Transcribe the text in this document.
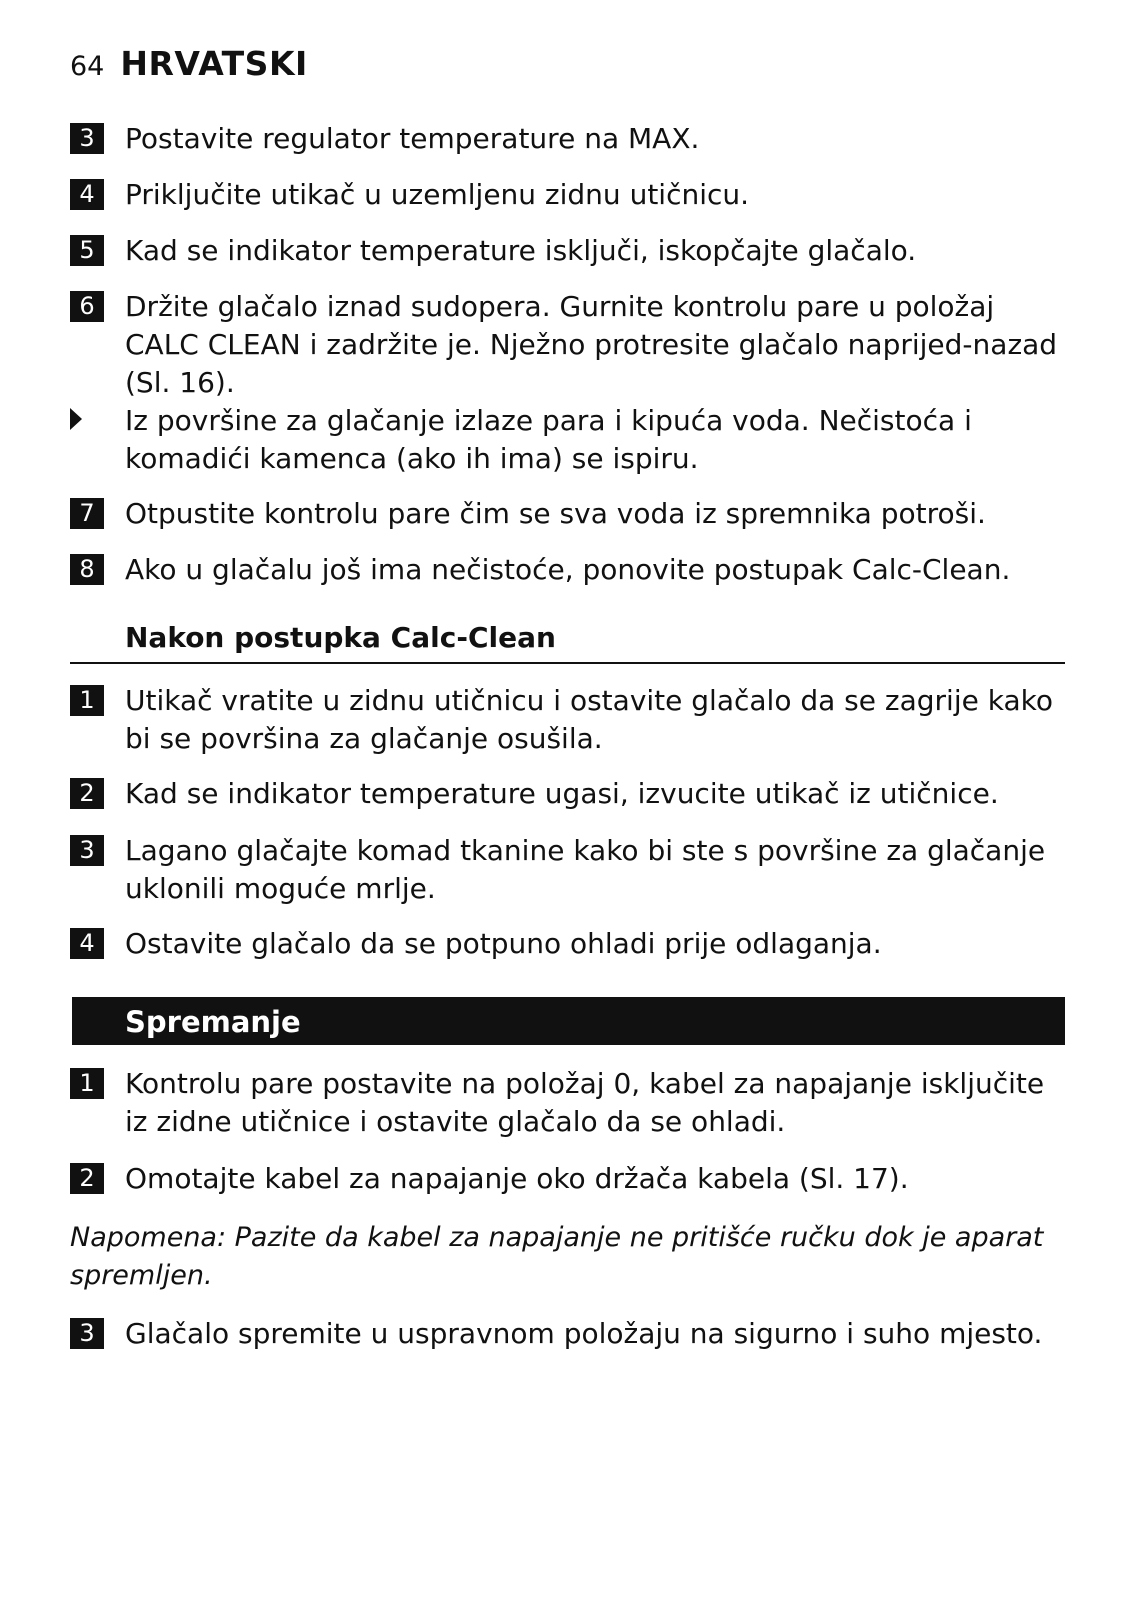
64 HRVATSKI
3	Postavite regulator temperature na MAX.
4	Priključite utikač u uzemljenu zidnu utičnicu.
5	Kad se indikator temperature isključi, iskopčajte glačalo.
6	Držite glačalo iznad sudopera. Gurnite kontrolu pare u položaj CALC CLEAN i zadržite je. Nježno protresite glačalo naprijed-nazad (Sl. 16).
Iz površine za glačanje izlaze para i kipuća voda. Nečistoća i komadići kamenca (ako ih ima) se ispiru.
7	Otpustite kontrolu pare čim se sva voda iz spremnika potroši.
8	Ako u glačalu još ima nečistoće, ponovite postupak Calc-Clean.
Nakon postupka Calc-Clean
1	Utikač vratite u zidnu utičnicu i ostavite glačalo da se zagrije kako bi se površina za glačanje osušila.
2	Kad se indikator temperature ugasi, izvucite utikač iz utičnice.
3	Lagano glačajte komad tkanine kako bi ste s površine za glačanje uklonili moguće mrlje.
4	Ostavite glačalo da se potpuno ohladi prije odlaganja.
Spremanje
1	Kontrolu pare postavite na položaj 0, kabel za napajanje isključite iz zidne utičnice i ostavite glačalo da se ohladi.
2	Omotajte kabel za napajanje oko držača kabela (Sl. 17).
Napomena: Pazite da kabel za napajanje ne pritišće ručku dok je aparat spremljen.
3	Glačalo spremite u uspravnom položaju na sigurno i suho mjesto.
